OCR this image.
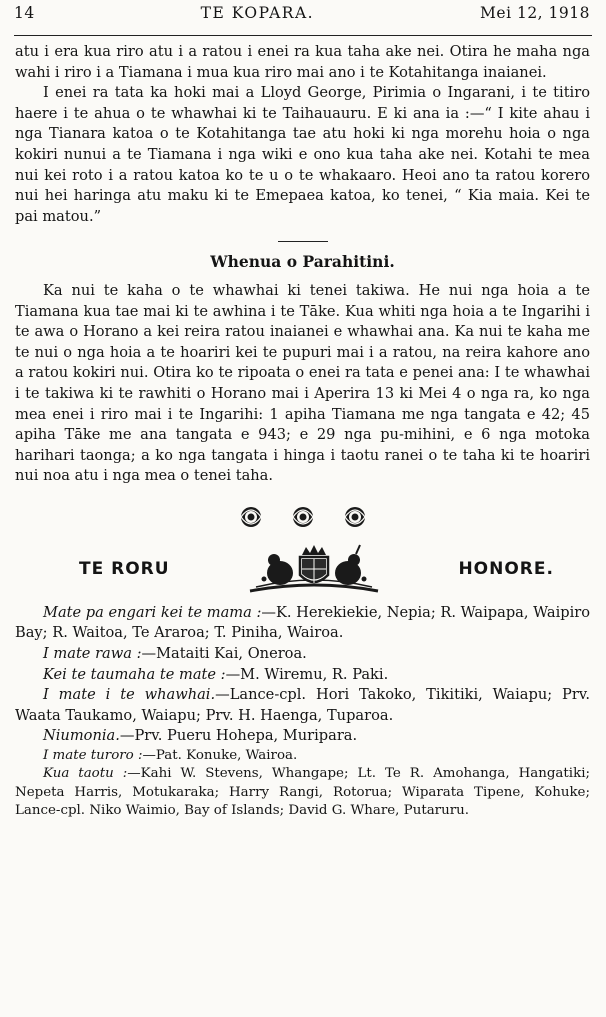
14	TE KOPARA.	Mei 12, 1918

atu i era kua riro atu i a ratou i enei ra kua taha ake nei. Otira he maha nga wahi i riro i a Tiamana i mua kua riro mai ano i te Kotahitanga inaianei.

I enei ra tata ka hoki mai a Lloyd George, Pirimia o Ingarani, i te titiro haere i te ahua o te whawhai ki te Taihauauru. E ki ana ia :—“ I kite ahau i nga Tianara katoa o te Kotahitanga tae atu hoki ki nga morehu hoia o nga kokiri nunui a te Tiamana i nga wiki e ono kua taha ake nei. Kotahi te mea nui kei roto i a ratou katoa ko te u o te whakaaro. Heoi ano ta ratou korero nui hei haringa atu maku ki te Emepaea katoa, ko tenei, “ Kia maia. Kei te pai matou.”

Whenua o Parahitini.

Ka nui te kaha o te whawhai ki tenei takiwa. He nui nga hoia a te Tiamana kua tae mai ki te awhina i te Tāke. Kua whiti nga hoia a te Ingarihi i te awa o Horano a kei reira ratou inaianei e whawhai ana. Ka nui te kaha me te nui o nga hoia a te hoariri kei te pupuri mai i a ratou, na reira kahore ano a ratou kokiri nui. Otira ko te ripoata o enei ra tata e penei ana: I te whawhai i te takiwa ki te rawhiti o Horano mai i Aperira 13 ki Mei 4 o nga ra, ko nga mea enei i riro mai i te Ingarihi: 1 apiha Tiamana me nga tangata e 42; 45 apiha Tāke me ana tangata e 943; e 29 nga pu-mihini, e 6 nga motoka harihari taonga; a ko nga tangata i hinga i taotu ranei o te taha ki te hoariri nui noa atu i nga mea o tenei taha.

TE RORU	HONORE.

Mate pa engari kei te mama :—K. Herekiekie, Nepia; R. Waipapa, Waipiro Bay; R. Waitoa, Te Araroa; T. Piniha, Wairoa.

I mate rawa :—Mataiti Kai, Oneroa.

Kei te taumaha te mate :—M. Wiremu, R. Paki.

I mate i te whawhai.—Lance-cpl. Hori Takoko, Tikitiki, Waiapu; Prv. Waata Taukamo, Waiapu; Prv. H. Haenga, Tuparoa.

Niumonia.—Prv. Pueru Hohepa, Muripara.

I mate turoro :—Pat. Konuke, Wairoa.

Kua taotu :—Kahi W. Stevens, Whangape; Lt. Te R. Amohanga, Hangatiki; Nepeta Harris, Motukaraka; Harry Rangi, Rotorua; Wiparata Tipene, Kohuke; Lance-cpl. Niko Waimio, Bay of Islands; David G. Whare, Putaruru.
